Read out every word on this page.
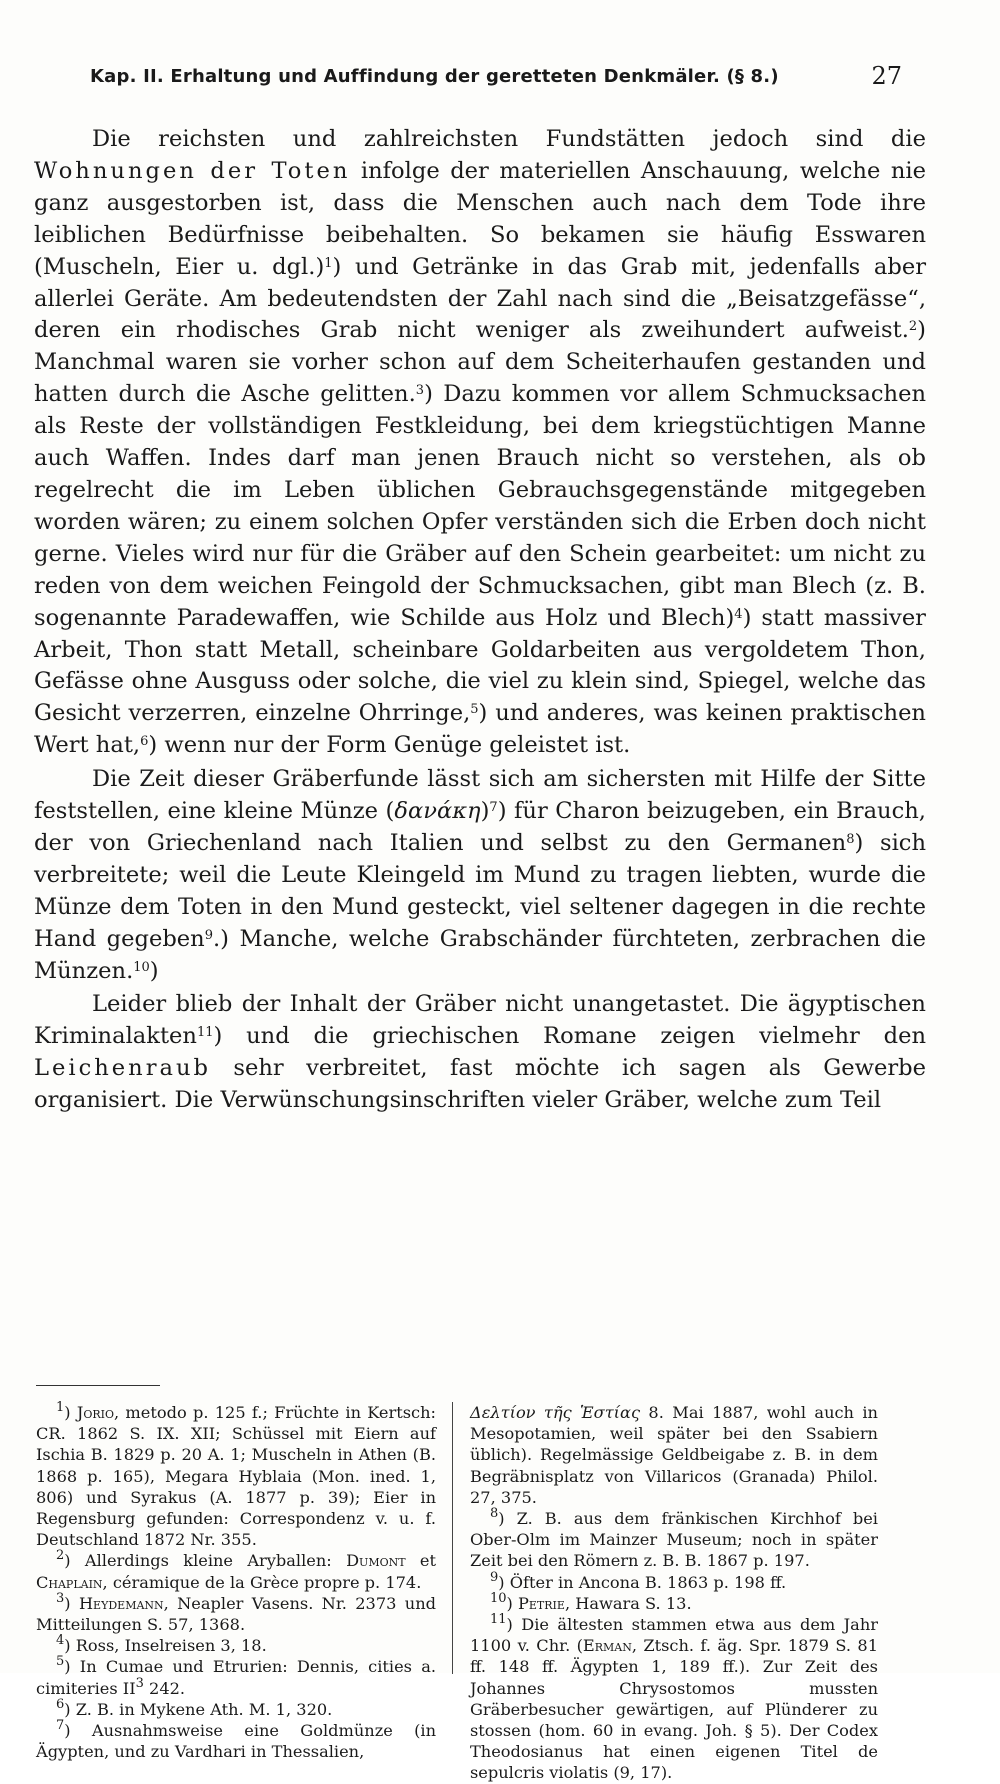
Kap. II. Erhaltung und Auffindung der geretteten Denkmäler. (§ 8.)	27

Die reichsten und zahlreichsten Fundstätten jedoch sind die Wohnungen der Toten infolge der materiellen Anschauung, welche nie ganz ausgestorben ist, dass die Menschen auch nach dem Tode ihre leiblichen Bedürfnisse beibehalten. So bekamen sie häufig Esswaren (Muscheln, Eier u. dgl.)$^1$) und Getränke in das Grab mit, jedenfalls aber allerlei Geräte. Am bedeutendsten der Zahl nach sind die „Beisatzgefässe“, deren ein rhodisches Grab nicht weniger als zweihundert aufweist.$^2$) Manchmal waren sie vorher schon auf dem Scheiterhaufen gestanden und hatten durch die Asche gelitten.$^3$) Dazu kommen vor allem Schmucksachen als Reste der vollständigen Festkleidung, bei dem kriegstüchtigen Manne auch Waffen. Indes darf man jenen Brauch nicht so verstehen, als ob regelrecht die im Leben üblichen Gebrauchsgegenstände mitgegeben worden wären; zu einem solchen Opfer verständen sich die Erben doch nicht gerne. Vieles wird nur für die Gräber auf den Schein gearbeitet: um nicht zu reden von dem weichen Feingold der Schmucksachen, gibt man Blech (z. B. sogenannte Paradewaffen, wie Schilde aus Holz und Blech)$^4$) statt massiver Arbeit, Thon statt Metall, scheinbare Goldarbeiten aus vergoldetem Thon, Gefässe ohne Ausguss oder solche, die viel zu klein sind, Spiegel, welche das Gesicht verzerren, einzelne Ohrringe,$^5$) und anderes, was keinen praktischen Wert hat,$^6$) wenn nur der Form Genüge geleistet ist.

Die Zeit dieser Gräberfunde lässt sich am sichersten mit Hilfe der Sitte feststellen, eine kleine Münze $(\delta\alpha\nu ά\kappa\eta)^7$) für Charon beizugeben, ein Brauch, der von Griechenland nach Italien und selbst zu den Germanen$^8$) sich verbreitete; weil die Leute Kleingeld im Mund zu tragen liebten, wurde die Münze dem Toten in den Mund gesteckt, viel seltener dagegen in die rechte Hand gegeben$^9$.) Manche, welche Grabschänder fürchteten, zerbrachen die Münzen.$^{10}$)

Leider blieb der Inhalt der Gräber nicht unangetastet. Die ägyptischen Kriminalakten$^{11}$) und die griechischen Romane zeigen vielmehr den Leichenraub sehr verbreitet, fast möchte ich sagen als Gewerbe organisiert. Die Verwünschungsinschriften vieler Gräber, welche zum Teil

$^1$) Jorio, metodo p. 125 f.; Früchte in Kertsch: CR. 1862 S. IX. XII; Schüssel mit Eiern auf Ischia B. 1829 p. 20 A. 1; Muscheln in Athen (B. 1868 p. 165), Megara Hyblaia (Mon. ined. 1, 806) und Syrakus (A. 1877 p. 39); Eier in Regensburg gefunden: Correspondenz v. u. f. Deutschland 1872 Nr. 355.

$^2$) Allerdings kleine Aryballen: Dumont et Chaplain, céramique de la Grèce propre p. 174.

$^3$) Heydemann, Neapler Vasens. Nr. 2373 und Mitteilungen S. 57, 1368.

$^4$) Ross, Inselreisen 3, 18.

$^5$) In Cumae und Etrurien: Dennis, cities a. cimiteries $II^3$ 242.

$^6$) Z. B. in Mykene Ath. M. 1, 320.

$^7$) Ausnahmsweise eine Goldmünze (in Ägypten, und zu Vardhari in Thessalien,

Δελτίον τῆς Ἑστίας 8. Mai 1887, wohl auch in Mesopotamien, weil später bei den Ssabiern üblich). Regelmässige Geldbeigabe z. B. in dem Begräbnisplatz von Villaricos (Granada) Philol. 27, 375.

$^8$) Z. B. aus dem fränkischen Kirchhof bei Ober-Olm im Mainzer Museum; noch in später Zeit bei den Römern z. B. B. 1867 p. 197.

$^9$) Öfter in Ancona B. 1863 p. 198 ff.

$^{10}$) Petrie, Hawara S. 13.

$^{11}$) Die ältesten stammen etwa aus dem Jahr 1100 v. Chr. (Erman, Ztsch. f. äg. Spr. 1879 S. 81 ff. 148 ff. Ägypten 1, 189 ff.). Zur Zeit des Johannes Chrysostomos mussten Gräberbesucher gewärtigen, auf Plünderer zu stossen (hom. 60 in evang. Joh. § 5). Der Codex Theodosianus hat einen eigenen Titel de sepulcris violatis (9, 17).
